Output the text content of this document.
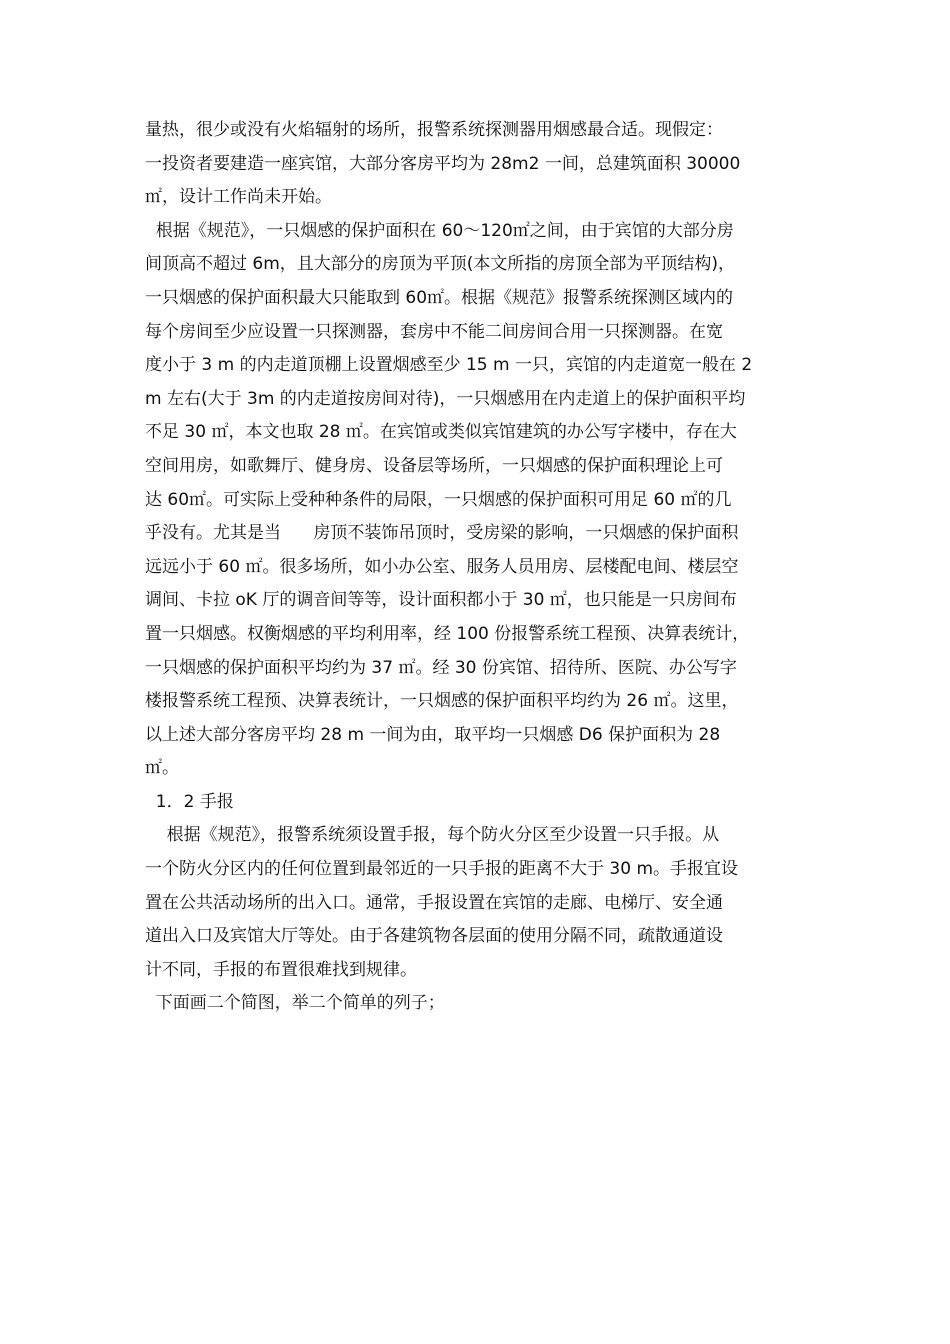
量热，很少或没有火焰辐射的场所，报警系统探测器用烟感最合适。现假定：
一投资者要建造一座宾馆，大部分客房平均为 28m2 一间，总建筑面积 30000
㎡，设计工作尚未开始。
根据《规范》，一只烟感的保护面积在 60～120㎡之间，由于宾馆的大部分房
间顶高不超过 6m，且大部分的房顶为平顶(本文所指的房顶全部为平顶结构)，
一只烟感的保护面积最大只能取到 60㎡。根据《规范》报警系统探测区域内的
每个房间至少应设置一只探测器，套房中不能二间房间合用一只探测器。在宽
度小于 3 m 的内走道顶棚上设置烟感至少 15 m 一只，宾馆的内走道宽一般在 2
m 左右(大于 3m 的内走道按房间对待)，一只烟感用在内走道上的保护面积平均
不足 30 ㎡，本文也取 28 ㎡。在宾馆或类似宾馆建筑的办公写字楼中，存在大
空间用房，如歌舞厅、健身房、设备层等场所，一只烟感的保护面积理论上可
达 60㎡。可实际上受种种条件的局限，一只烟感的保护面积可用足 60 ㎡的几
乎没有。尤其是当      房顶不装饰吊顶时，受房梁的影响，一只烟感的保护面积
远远小于 60 ㎡。很多场所，如小办公室、服务人员用房、层楼配电间、楼层空
调间、卡拉 oK 厅的调音间等等，设计面积都小于 30 ㎡，也只能是一只房间布
置一只烟感。权衡烟感的平均利用率，经 100 份报警系统工程预、决算表统计，
一只烟感的保护面积平均约为 37 ㎡。经 30 份宾馆、招待所、医院、办公写字
楼报警系统工程预、决算表统计，一只烟感的保护面积平均约为 26 ㎡。这里，
以上述大部分客房平均 28 m 一间为由，取平均一只烟感 D6 保护面积为 28
㎡。
1．2 手报
根据《规范》，报警系统须设置手报，每个防火分区至少设置一只手报。从
一个防火分区内的任何位置到最邻近的一只手报的距离不大于 30 m。手报宜设
置在公共活动场所的出入口。通常，手报设置在宾馆的走廊、电梯厅、安全通
道出入口及宾馆大厅等处。由于各建筑物各层面的使用分隔不同，疏散通道设
计不同，手报的布置很难找到规律。
下面画二个简图，举二个简单的列子；
